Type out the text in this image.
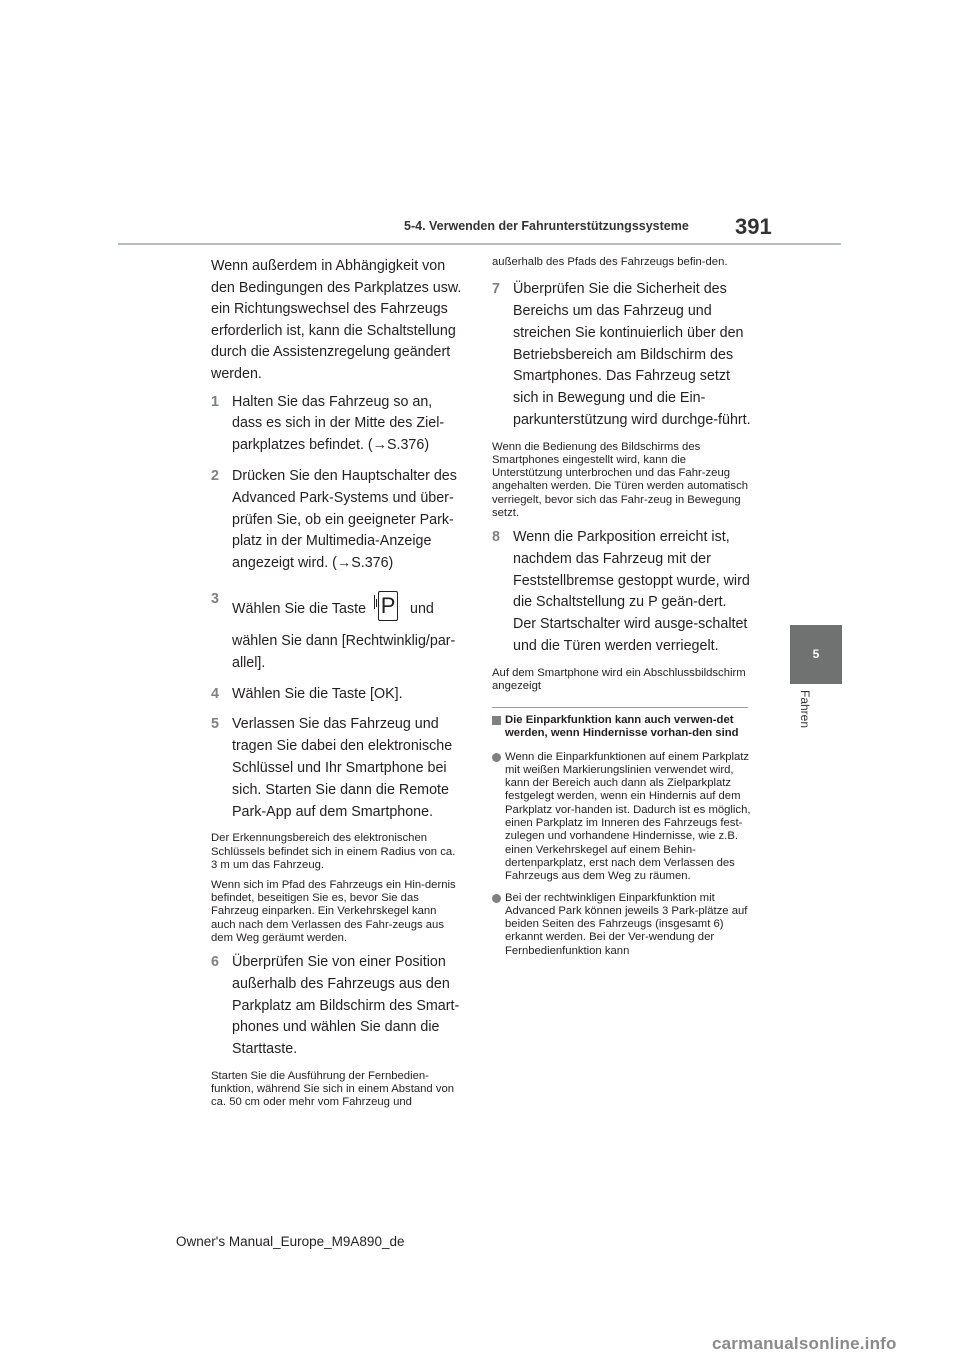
5-4. Verwenden der Fahrunterstützungssysteme 391
5
Fahren

Wenn außerdem in Abhängigkeit von den Bedingungen des Parkplatzes usw. ein Richtungswechsel des Fahrzeugs erforderlich ist, kann die Schaltstellung durch die Assistenzregelung geändert werden.

1 Halten Sie das Fahrzeug so an, dass es sich in der Mitte des Ziel-parkplatzes befindet. (→S.376)
2 Drücken Sie den Hauptschalter des Advanced Park-Systems und über-prüfen Sie, ob ein geeigneter Park-platz in der Multimedia-Anzeige angezeigt wird. (→S.376)
3
Wählen Sie die Taste P und
wählen Sie dann [Rechtwinklig/par-allel].
4 Wählen Sie die Taste [OK].
5 Verlassen Sie das Fahrzeug und tragen Sie dabei den elektronische Schlüssel und Ihr Smartphone bei sich. Starten Sie dann die Remote Park-App auf dem Smartphone.

Der Erkennungsbereich des elektronischen Schlüssels befindet sich in einem Radius von ca. 3 m um das Fahrzeug.

Wenn sich im Pfad des Fahrzeugs ein Hin-dernis befindet, beseitigen Sie es, bevor Sie das Fahrzeug einparken. Ein Verkehrskegel kann auch nach dem Verlassen des Fahr-zeugs aus dem Weg geräumt werden.

6 Überprüfen Sie von einer Position außerhalb des Fahrzeugs aus den Parkplatz am Bildschirm des Smart-phones und wählen Sie dann die Starttaste.

Starten Sie die Ausführung der Fernbedien-funktion, während Sie sich in einem Abstand von ca. 50 cm oder mehr vom Fahrzeug und

außerhalb des Pfads des Fahrzeugs befin-den.

7 Überprüfen Sie die Sicherheit des Bereichs um das Fahrzeug und streichen Sie kontinuierlich über den Betriebsbereich am Bildschirm des Smartphones. Das Fahrzeug setzt sich in Bewegung und die Ein-parkunterstützung wird durchge-führt.

Wenn die Bedienung des Bildschirms des Smartphones eingestellt wird, kann die Unterstützung unterbrochen und das Fahr-zeug angehalten werden. Die Türen werden automatisch verriegelt, bevor sich das Fahr-zeug in Bewegung setzt.

8 Wenn die Parkposition erreicht ist, nachdem das Fahrzeug mit der Feststellbremse gestoppt wurde, wird die Schaltstellung zu P geän-dert. Der Startschalter wird ausge-schaltet und die Türen werden verriegelt.

Auf dem Smartphone wird ein Abschlussbildschirm angezeigt

Die Einparkfunktion kann auch verwen-det werden, wenn Hindernisse vorhan-den sind
Wenn die Einparkfunktionen auf einem Parkplatz mit weißen Markierungslinien verwendet wird, kann der Bereich auch dann als Zielparkplatz festgelegt werden, wenn ein Hindernis auf dem Parkplatz vor-handen ist. Dadurch ist es möglich, einen Parkplatz im Inneren des Fahrzeugs fest-zulegen und vorhandene Hindernisse, wie z.B. einen Verkehrskegel auf einem Behin-dertenparkplatz, erst nach dem Verlassen des Fahrzeugs aus dem Weg zu räumen.
Bei der rechtwinkligen Einparkfunktion mit Advanced Park können jeweils 3 Park-plätze auf beiden Seiten des Fahrzeugs (insgesamt 6) erkannt werden. Bei der Ver-wendung der Fernbedienfunktion kann
Owner's Manual_Europe_M9A890_de
carmanualsonline.info
